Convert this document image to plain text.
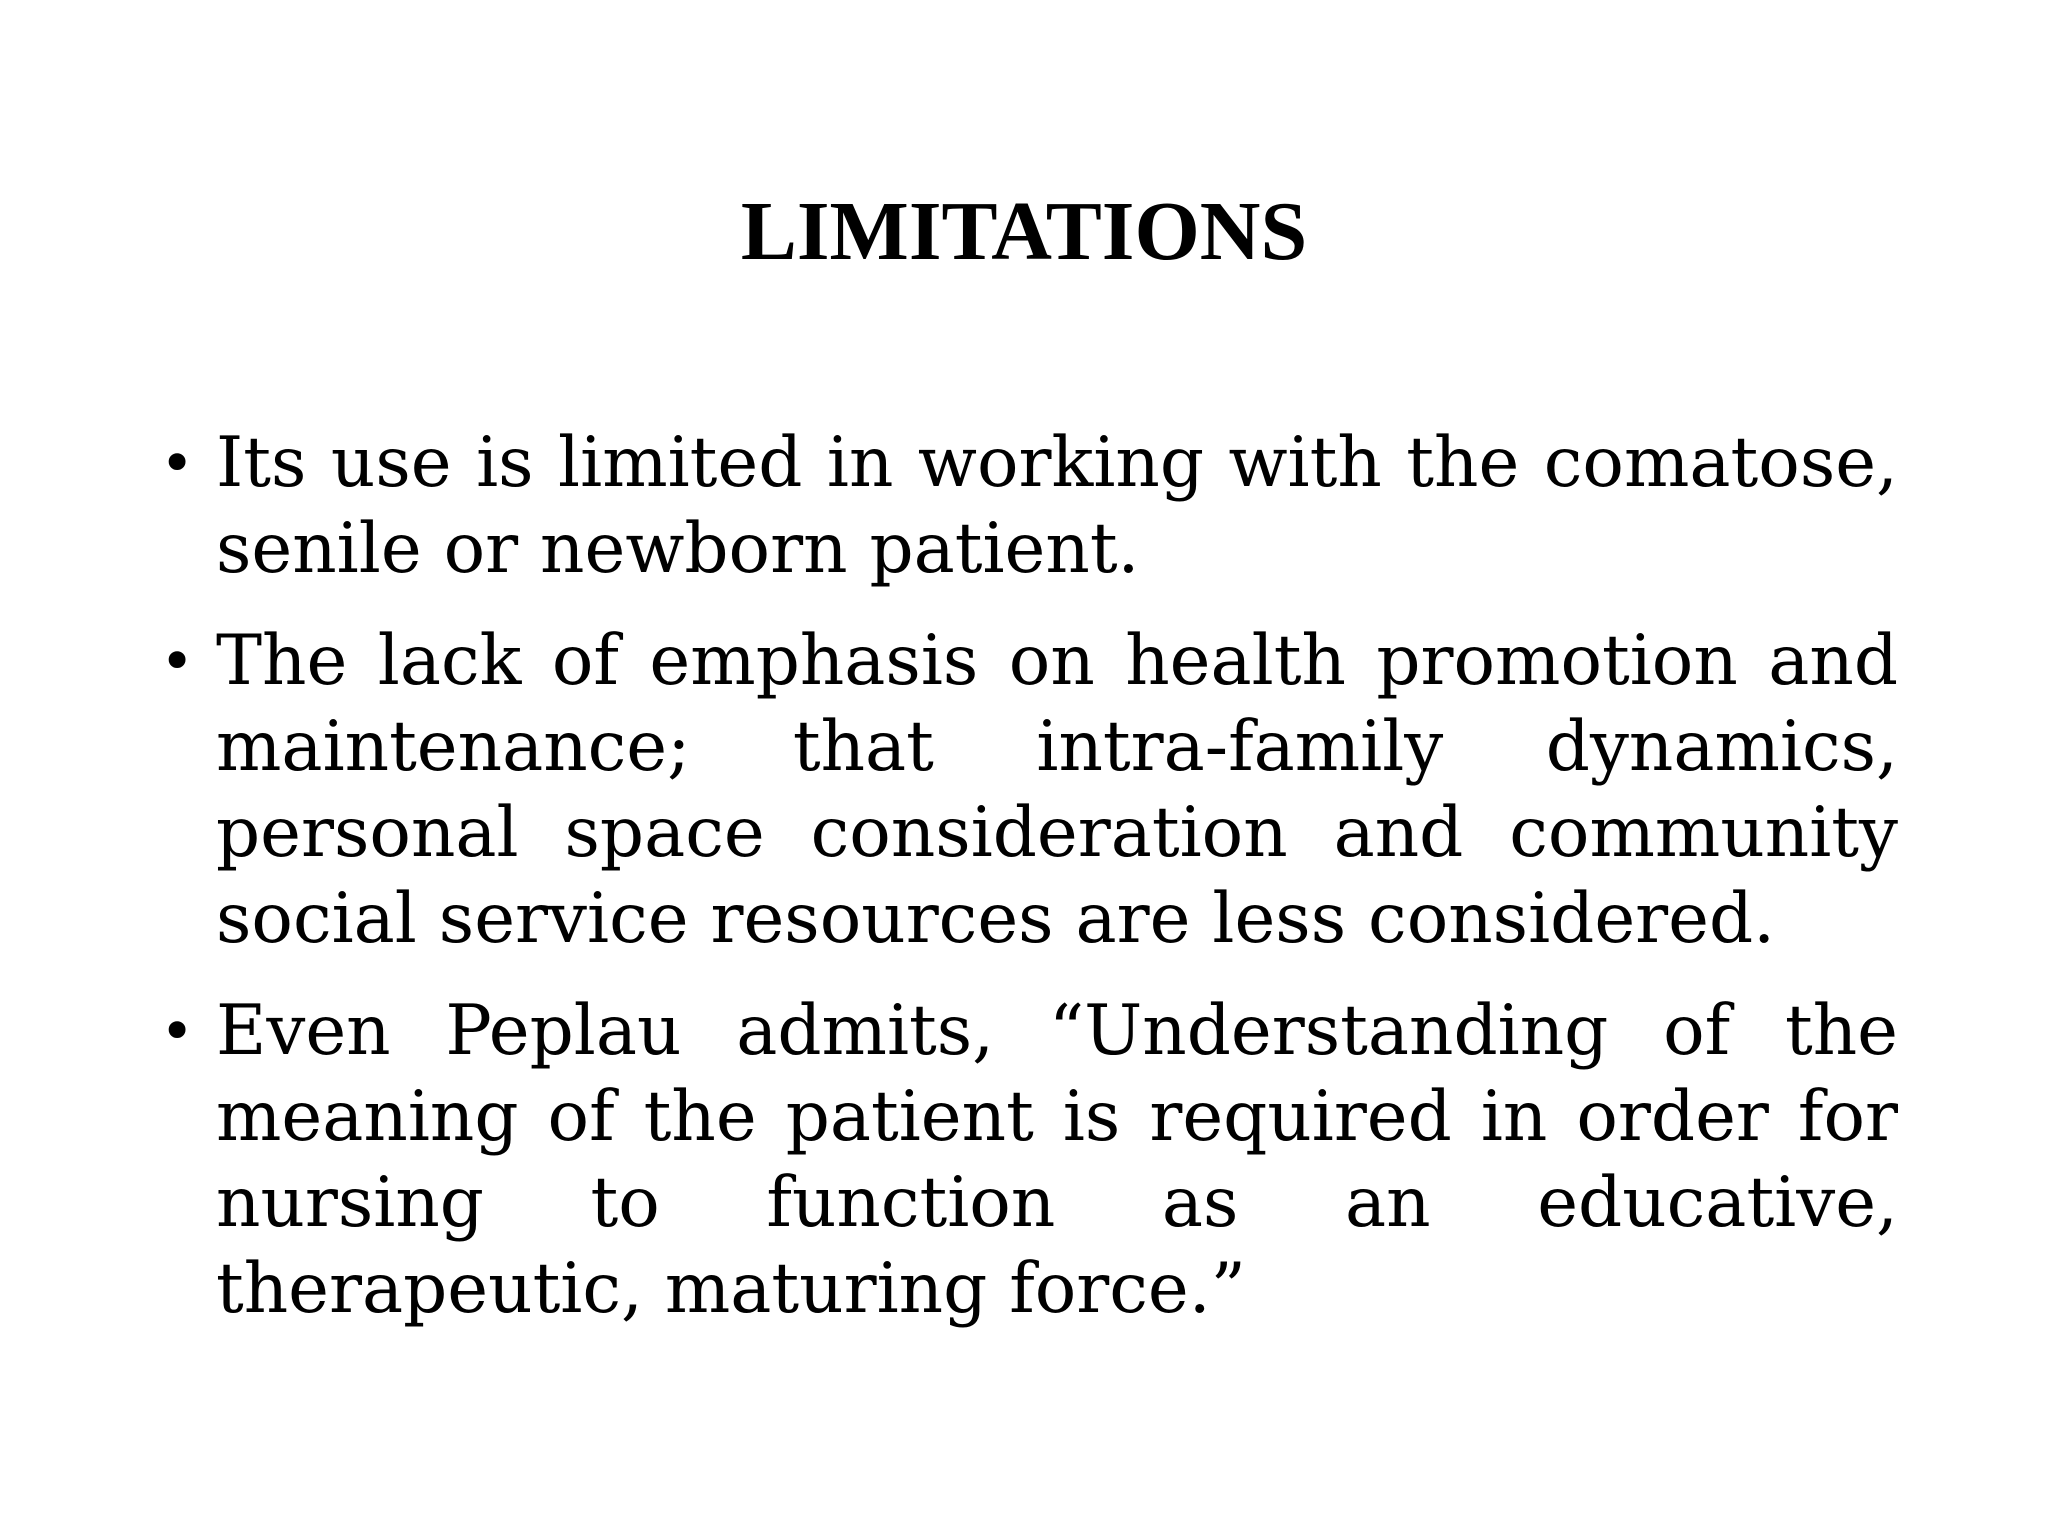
LIMITATIONS
• Its use is limited in working with the comatose, senile or newborn patient.
• The lack of emphasis on health promotion and maintenance; that intra-family dynamics, personal space consideration and community social service resources are less considered.
• Even Peplau admits, “Understanding of the meaning of the patient is required in order for nursing to function as an educative, therapeutic, maturing force.”
